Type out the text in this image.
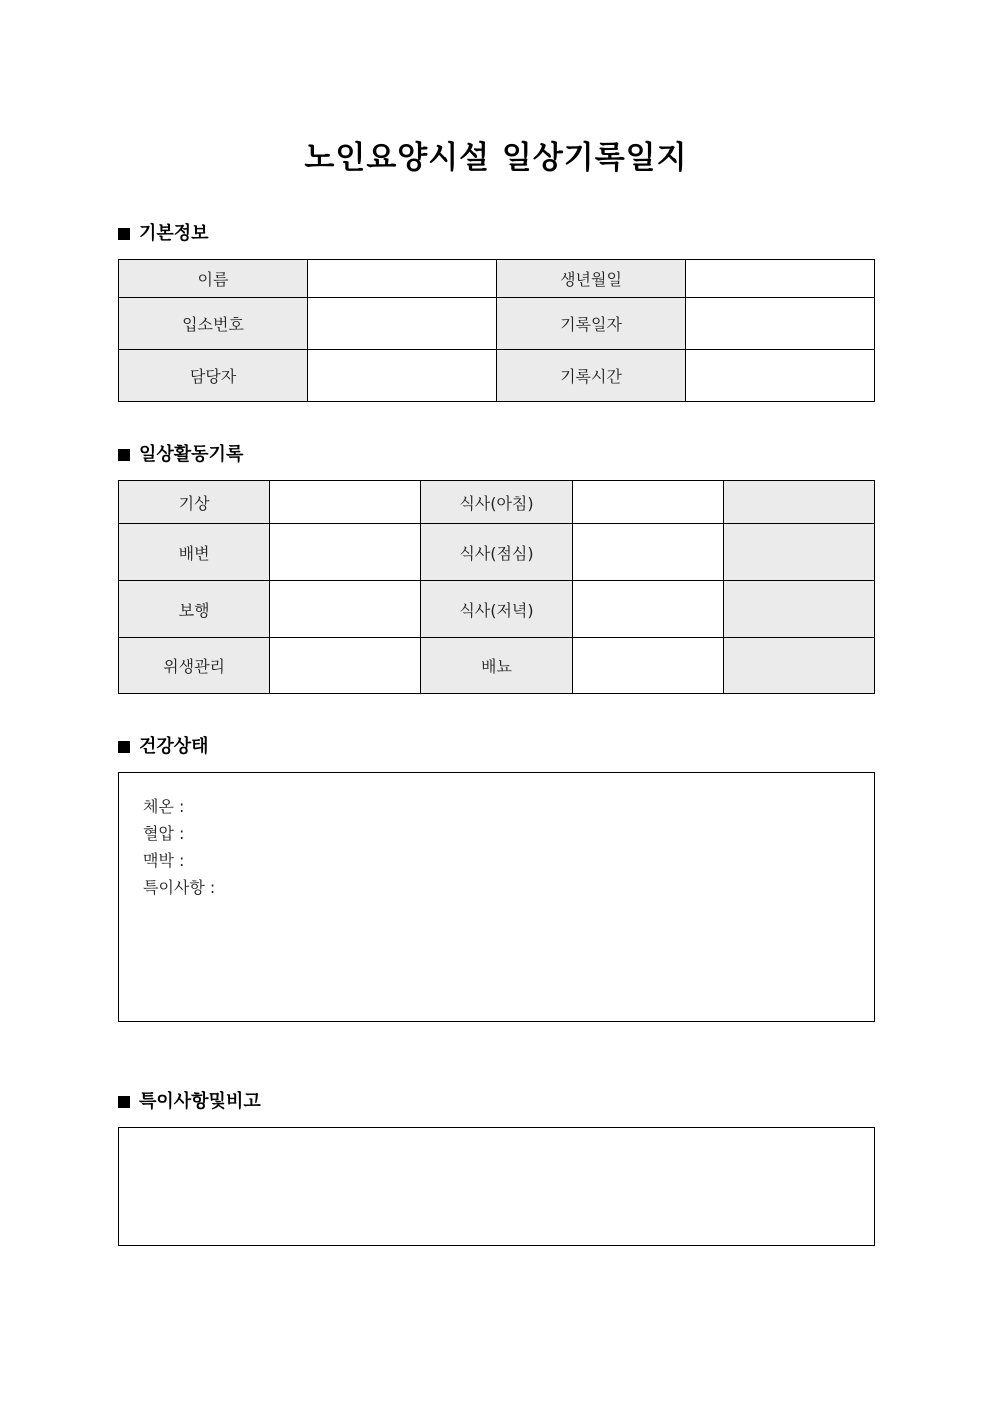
노인요양시설 일상기록일지
기본정보
이름		생년월일	
입소번호		기록일자	
담당자		기록시간	
일상활동기록
기상		식사(아침)		
배변		식사(점심)		
보행		식사(저녁)		
위생관리		배뇨		
건강상태
체온 :
혈압 :
맥박 :
특이사항 :
특이사항및비고
